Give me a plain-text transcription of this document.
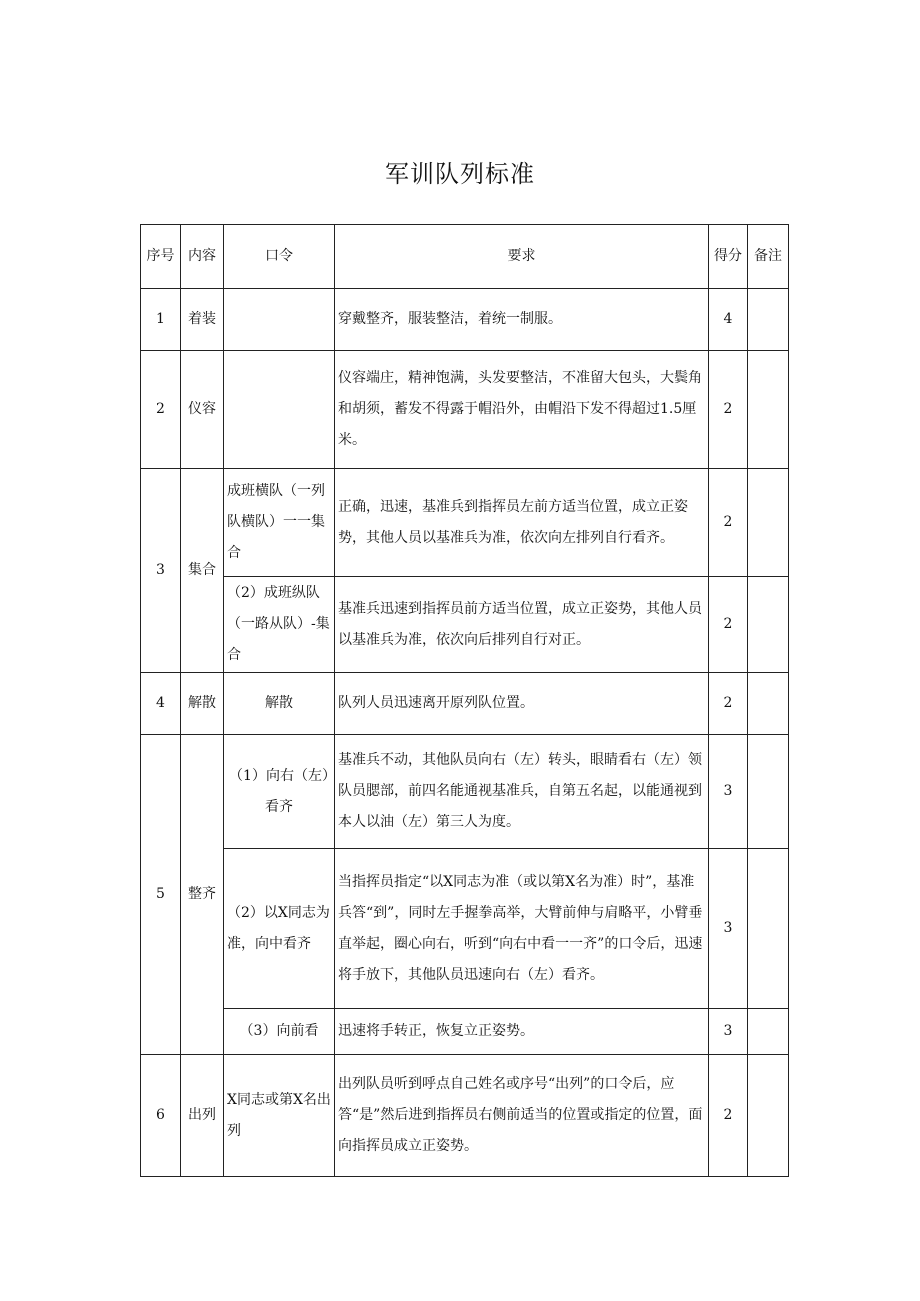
军训队列标准
序号	内容	口令	要求	得分	备注
1	着装		穿戴整齐，服装整洁，着统一制服。	4	
2	仪容		仪容端庄，精神饱满，头发要整洁，不准留大包头，大鬓角和胡须，蓄发不得露于帽沿外，由帽沿下发不得超过1.5厘米。	2	
3	集合	成班横队（一列队横队）一一集合	正确，迅速，基准兵到指挥员左前方适当位置，成立正姿势，其他人员以基准兵为准，依次向左排列自行看齐。	2	
		（2）成班纵队（一路从队）-集合	基准兵迅速到指挥员前方适当位置，成立正姿势，其他人员以基准兵为准，依次向后排列自行对正。	2	
4	解散	解散	队列人员迅速离开原列队位置。	2	
5	整齐	（1）向右（左）看齐	基准兵不动，其他队员向右（左）转头，眼睛看右（左）领队员腮部，前四名能通视基准兵，自第五名起，以能通视到本人以油（左）第三人为度。	3	
		（2）以X同志为准，向中看齐	当指挥员指定“以X同志为准（或以第X名为准）时”，基准兵答“到”，同时左手握拳高举，大臂前伸与肩略平，小臂垂直举起，圈心向右，听到“向右中看一一齐”的口令后，迅速将手放下，其他队员迅速向右（左）看齐。	3	
		（3）向前看	迅速将手转正，恢复立正姿势。	3	
6	出列	X同志或第X名出列	出列队员听到呼点自己姓名或序号“出列”的口令后，应答“是”然后进到指挥员右侧前适当的位置或指定的位置，面向指挥员成立正姿势。	2	
